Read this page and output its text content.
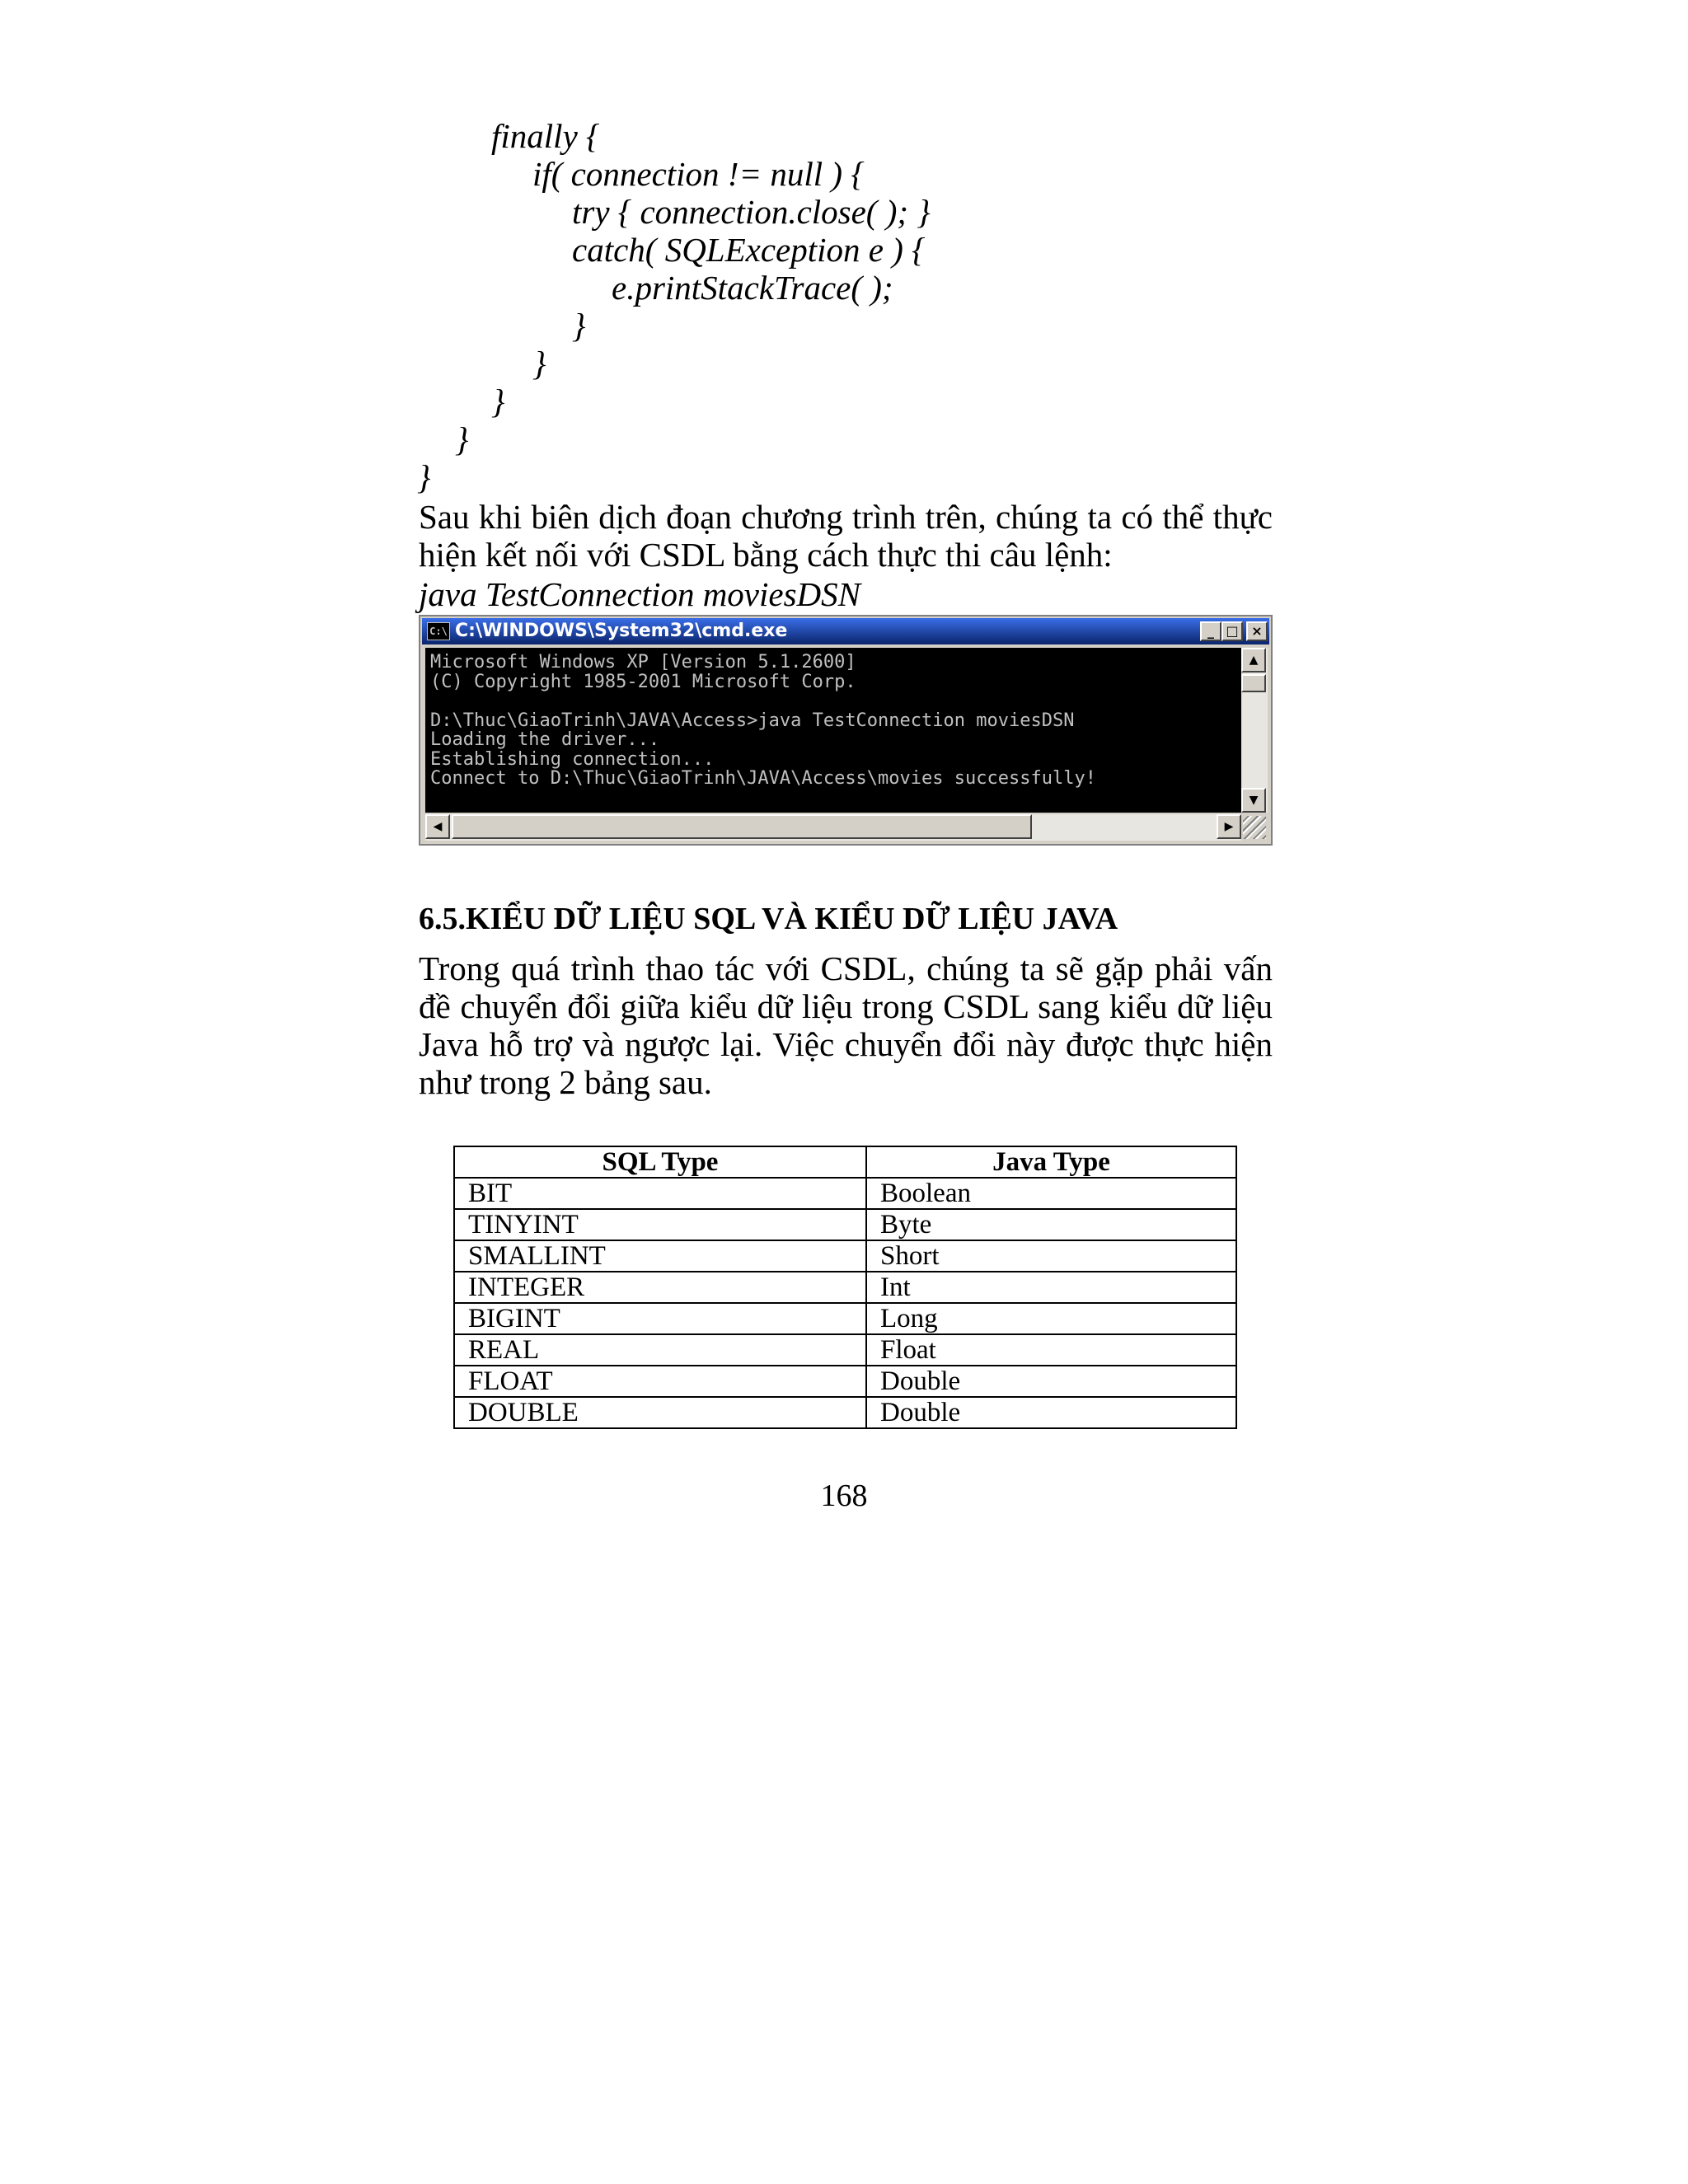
finally {
if( connection != null ) {
try { connection.close( ); }
catch( SQLException e ) {
e.printStackTrace( );
}
}
}
}
}
Sau khi biên dịch đoạn chương trình trên, chúng ta có thể thực hiện kết nối với CSDL bằng cách thực thi câu lệnh:
java TestConnection moviesDSN
C:\ C:\WINDOWS\System32\cmd.exe	_ □ ×
Microsoft Windows XP [Version 5.1.2600]
(C) Copyright 1985-2001 Microsoft Corp.
D:\Thuc\GiaoTrinh\JAVA\Access>java TestConnection moviesDSN
Loading the driver...
Establishing connection...
Connect to D:\Thuc\GiaoTrinh\JAVA\Access\movies successfully!
▲
▼
◀	▶
6.5.KIỂU DỮ LIỆU SQL VÀ KIỂU DỮ LIỆU JAVA
Trong quá trình thao tác với CSDL, chúng ta sẽ gặp phải vấn đề chuyển đổi giữa kiểu dữ liệu trong CSDL sang kiểu dữ liệu Java hỗ trợ và ngược lại. Việc chuyển đổi này được thực hiện như trong 2 bảng sau.
SQL Type	Java Type
BIT	Boolean
TINYINT	Byte
SMALLINT	Short
INTEGER	Int
BIGINT	Long
REAL	Float
FLOAT	Double
DOUBLE	Double
168
